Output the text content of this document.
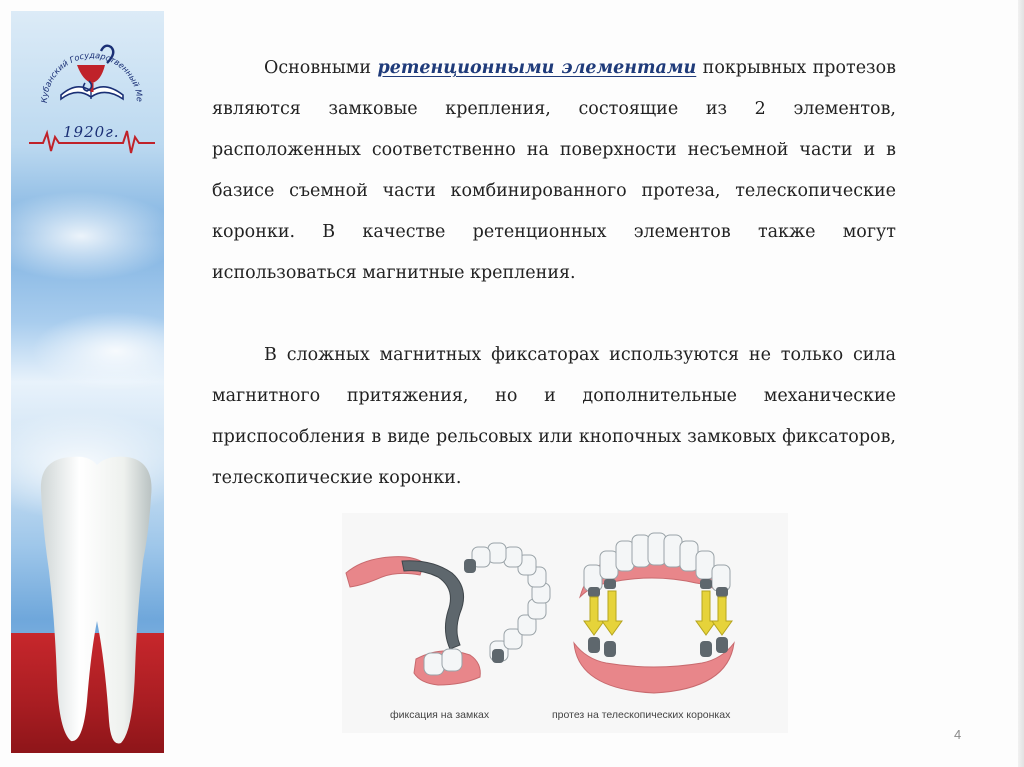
Кубанский Государственный Ме
1920г.

Основными ретенционными элементами покрывных протезов являются замковые крепления, состоящие из 2 элементов, расположенных соответственно на поверхности несъемной части и в базисе съемной части комбинированного протеза, телескопические коронки. В качестве ретенционных элементов также могут использоваться магнитные крепления.

В сложных магнитных фиксаторах используются не только сила магнитного притяжения, но и дополнительные механические приспособления в виде рельсовых или кнопочных замковых фиксаторов, телескопические коронки.

фиксация на замках	протез на телескопических коронках
4
